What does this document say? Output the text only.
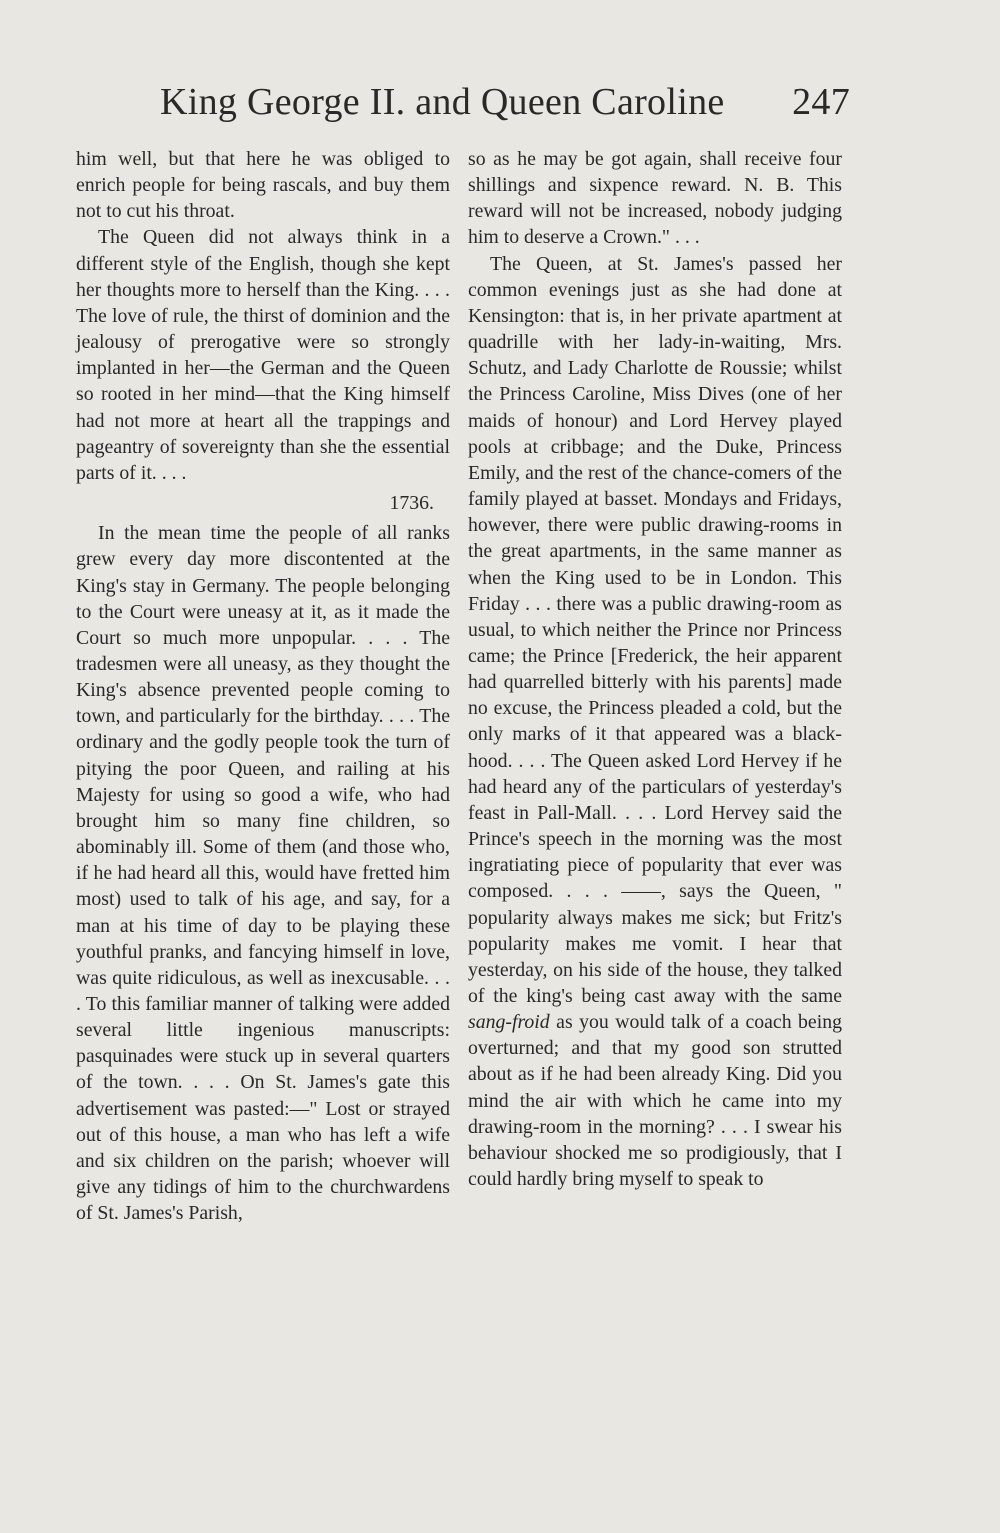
King George II. and Queen Caroline 247

him well, but that here he was obliged to enrich people for being rascals, and buy them not to cut his throat.

The Queen did not always think in a different style of the English, though she kept her thoughts more to herself than the King. . . . The love of rule, the thirst of dominion and the jealousy of prerogative were so strongly implanted in her—the German and the Queen so rooted in her mind—that the King himself had not more at heart all the trappings and pageantry of sovereignty than she the essential parts of it. . . .

1736.

In the mean time the people of all ranks grew every day more discontented at the King's stay in Germany. The people belonging to the Court were uneasy at it, as it made the Court so much more unpopular. . . . The tradesmen were all uneasy, as they thought the King's absence prevented people coming to town, and particularly for the birthday. . . . The ordinary and the godly people took the turn of pitying the poor Queen, and railing at his Majesty for using so good a wife, who had brought him so many fine children, so abominably ill. Some of them (and those who, if he had heard all this, would have fretted him most) used to talk of his age, and say, for a man at his time of day to be playing these youthful pranks, and fancying himself in love, was quite ridiculous, as well as inexcusable. . . . To this familiar manner of talking were added several little ingenious manuscripts: pasquinades were stuck up in several quarters of the town. . . . On St. James's gate this advertisement was pasted:—" Lost or strayed out of this house, a man who has left a wife and six children on the parish; whoever will give any tidings of him to the churchwardens of St. James's Parish,

so as he may be got again, shall receive four shillings and sixpence reward. N. B. This reward will not be increased, nobody judging him to deserve a Crown." . . .

The Queen, at St. James's passed her common evenings just as she had done at Kensington: that is, in her private apartment at quadrille with her lady-in-waiting, Mrs. Schutz, and Lady Charlotte de Roussie; whilst the Princess Caroline, Miss Dives (one of her maids of honour) and Lord Hervey played pools at cribbage; and the Duke, Princess Emily, and the rest of the chance-comers of the family played at basset. Mondays and Fridays, however, there were public drawing-rooms in the great apartments, in the same manner as when the King used to be in London. This Friday . . . there was a public drawing-room as usual, to which neither the Prince nor Princess came; the Prince [Frederick, the heir apparent had quarrelled bitterly with his parents] made no excuse, the Princess pleaded a cold, but the only marks of it that appeared was a black-hood. . . . The Queen asked Lord Hervey if he had heard any of the particulars of yesterday's feast in Pall-Mall. . . . Lord Hervey said the Prince's speech in the morning was the most ingratiating piece of popularity that ever was composed. . . . ——, says the Queen, " popularity always makes me sick; but Fritz's popularity makes me vomit. I hear that yesterday, on his side of the house, they talked of the king's being cast away with the same sang-froid as you would talk of a coach being overturned; and that my good son strutted about as if he had been already King. Did you mind the air with which he came into my drawing-room in the morning? . . . I swear his behaviour shocked me so prodigiously, that I could hardly bring myself to speak to
